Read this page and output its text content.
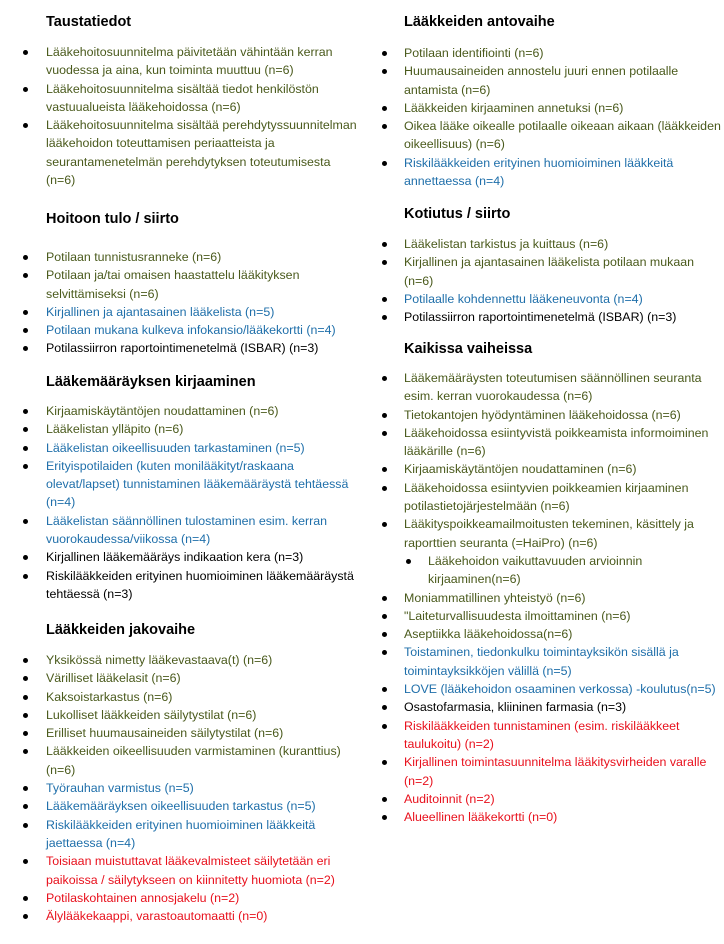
Taustatiedot
Lääkehoitosuunnitelma päivitetään vähintään kerran vuodessa ja aina, kun toiminta muuttuu (n=6)
Lääkehoitosuunnitelma sisältää tiedot henkilöstön vastuualueista lääkehoidossa (n=6)
Lääkehoitosuunnitelma sisältää perehdytyssuunnitelman lääkehoidon toteuttamisen periaatteista ja seurantamenetelmän perehdytyksen toteutumisesta (n=6)
Hoitoon tulo / siirto
Potilaan tunnistusranneke (n=6)
Potilaan ja/tai omaisen haastattelu lääkityksen selvittämiseksi (n=6)
Kirjallinen ja ajantasainen lääkelista (n=5)
Potilaan mukana kulkeva infokansio/lääkekortti (n=4)
Potilassiirron raportointimenetelmä (ISBAR) (n=3)
Lääkemääräyksen kirjaaminen
Kirjaamiskäytäntöjen noudattaminen (n=6)
Lääkelistan ylläpito (n=6)
Lääkelistan oikeellisuuden tarkastaminen (n=5)
Erityispotilaiden (kuten monilääkityt/raskaana olevat/lapset) tunnistaminen lääkemääräystä tehtäessä (n=4)
Lääkelistan säännöllinen tulostaminen esim. kerran vuorokaudessa/viikossa (n=4)
Kirjallinen lääkemääräys indikaation kera (n=3)
Riskilääkkeiden erityinen huomioiminen lääkemääräystä tehtäessä (n=3)
Lääkkeiden jakovaihe
Yksikössä nimetty lääkevastaava(t) (n=6)
Värilliset lääkelasit (n=6)
Kaksoistarkastus (n=6)
Lukolliset lääkkeiden säilytystilat (n=6)
Erilliset huumausaineiden säilytystilat (n=6)
Lääkkeiden oikeellisuuden varmistaminen (kuranttius) (n=6)
Työrauhan varmistus (n=5)
Lääkemääräyksen oikeellisuuden tarkastus (n=5)
Riskilääkkeiden erityinen huomioiminen lääkkeitä jaettaessa (n=4)
Toisiaan muistuttavat lääkevalmisteet säilytetään eri paikoissa / säilytykseen on kiinnitetty huomiota (n=2)
Potilaskohtainen annosjakelu (n=2)
Älylääkekaappi, varastoautomaatti (n=0)
Lääkkeiden antovaihe
Potilaan identifiointi (n=6)
Huumausaineiden annostelu juuri ennen potilaalle antamista (n=6)
Lääkkeiden kirjaaminen annetuksi (n=6)
Oikea lääke oikealle potilaalle oikeaan aikaan (lääkkeiden oikeellisuus) (n=6)
Riskilääkkeiden erityinen huomioiminen lääkkeitä annettaessa (n=4)
Kotiutus / siirto
Lääkelistan tarkistus ja kuittaus (n=6)
Kirjallinen ja ajantasainen lääkelista potilaan mukaan (n=6)
Potilaalle kohdennettu lääkeneuvonta (n=4)
Potilassiirron raportointimenetelmä (ISBAR) (n=3)
Kaikissa vaiheissa
Lääkemääräysten toteutumisen säännöllinen seuranta esim. kerran vuorokaudessa (n=6)
Tietokantojen hyödyntäminen lääkehoidossa (n=6)
Lääkehoidossa esiintyvistä poikkeamista informoiminen lääkärille (n=6)
Kirjaamiskäytäntöjen noudattaminen (n=6)
Lääkehoidossa esiintyvien poikkeamien kirjaaminen potilastietojärjestelmään (n=6)
Lääkityspoikkeamailmoitusten tekeminen, käsittely ja raporttien seuranta (=HaiPro) (n=6)
Lääkehoidon vaikuttavuuden arvioinnin kirjaaminen(n=6)
Moniammatillinen yhteistyö (n=6)
"Laiteturvallisuudesta ilmoittaminen (n=6)
Aseptiikka lääkehoidossa(n=6)
Toistaminen, tiedonkulku toimintayksikön sisällä ja toimintayksikköjen välillä (n=5)
LOVE (lääkehoidon osaaminen verkossa) -koulutus(n=5)
Osastofarmasia, kliininen farmasia (n=3)
Riskilääkkeiden tunnistaminen (esim. riskilääkkeet taulukoitu) (n=2)
Kirjallinen toimintasuunnitelma lääkitysvirheiden varalle (n=2)
Auditoinnit (n=2)
Alueellinen lääkekortti (n=0)
